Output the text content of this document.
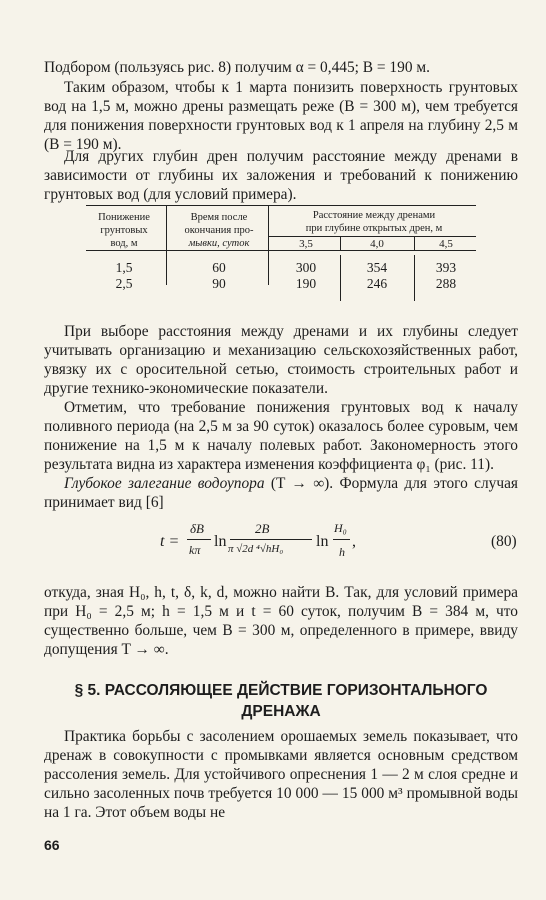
Подбором (пользуясь рис. 8) получим α = 0,445; B = 190 м.

Таким образом, чтобы к 1 марта понизить поверхность грунтовых вод на 1,5 м, можно дрены размещать реже (B = 300 м), чем требуется для понижения поверхности грунтовых вод к 1 апреля на глубину 2,5 м (B = 190 м).

Для других глубин дрен получим расстояние между дренами в зависимости от глубины их заложения и требований к понижению грунтовых вод (для условий примера).

Понижение
грунтовых
вод, м
Время после
окончания про-
мывки, суток
Расстояние между дренами
при глубине открытых дрен, м
3,5	4,0	4,5
1,5	60	300	354	393
2,5	90	190	246	288

При выборе расстояния между дренами и их глубины следует учитывать организацию и механизацию сельскохозяйственных работ, увязку их с оросительной сетью, стоимость строительных работ и другие технико-экономические показатели.

Отметим, что требование понижения грунтовых вод к началу поливного периода (на 2,5 м за 90 суток) оказалось более суровым, чем понижение на 1,5 м к началу полевых работ. Закономерность этого результата видна из характера изменения коэффициента φ₁ (рис. 11).

Глубокое залегание водоупора (T → ∞). Формула для этого случая принимает вид [6]

t =
δB
kπ ln
2B
π √2d ⁴√hH₀ ln
H₀
h
,	(80)

откуда, зная H₀, h, t, δ, k, d, можно найти B. Так, для условий примера при H₀ = 2,5 м; h = 1,5 м и t = 60 суток, получим B = 384 м, что существенно больше, чем B = 300 м, определенного в примере, ввиду допущения T → ∞.

§ 5. РАССОЛЯЮЩЕЕ ДЕЙСТВИЕ ГОРИЗОНТАЛЬНОГО ДРЕНАЖА

Практика борьбы с засолением орошаемых земель показывает, что дренаж в совокупности с промывками является основным средством рассоления земель. Для устойчивого опреснения 1 — 2 м слоя средне и сильно засоленных почв требуется 10 000 — 15 000 м³ промывной воды на 1 га. Этот объем воды не

66
